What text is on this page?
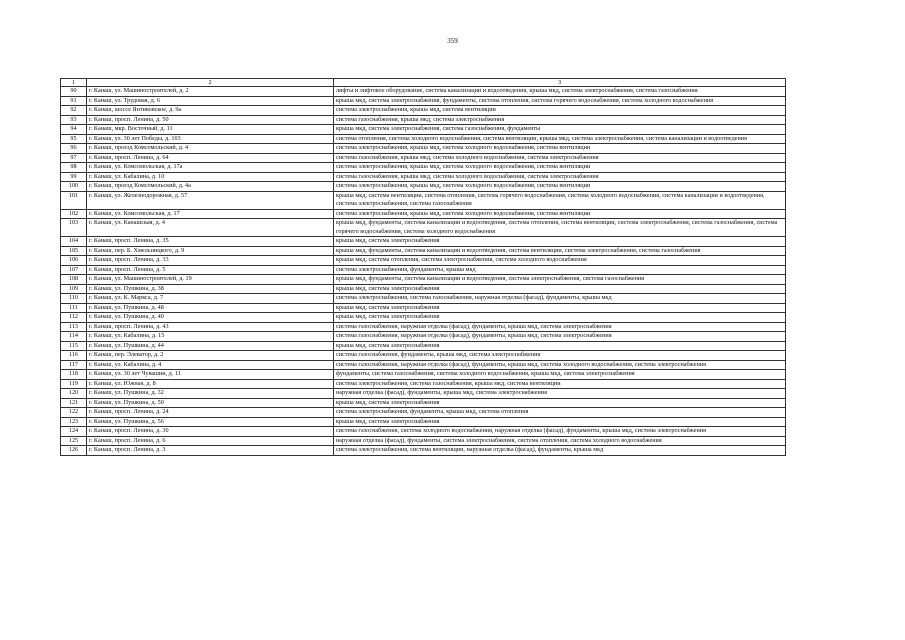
359
1	2	3
90	г. Канаш, ул. Машиностроителей, д. 2	лифты и лифтовое оборудование, система канализации и водоотведения, крыша мкд, система электроснабжения, система газоснабжения
91	г. Канаш, ул. Трудовая, д. 6	крыша мкд, система электроснабжения, фундаменты, система отопления, система горячего водоснабжения, система холодного водоснабжения
92	г. Канаш, шоссе Янтиковское, д. 9а	система электроснабжения, крыша мкд, система вентиляции
93	г. Канаш, просп. Ленина, д. 50	система газоснабжения, крыша мкд, система электроснабжения
94	г. Канаш, мкр. Восточный, д. 11	крыша мкд, система электроснабжения, система газоснабжения, фундаменты
95	г. Канаш, ул. 30 лет Победы, д. 103	система отопления, система холодного водоснабжения, система вентиляции, крыша мкд, система электроснабжения, система канализации и водоотведения
96	г. Канаш, проезд Комсомольский, д. 4	система электроснабжения, крыша мкд, система холодного водоснабжения, система вентиляции
97	г. Канаш, просп. Ленина, д. 64	система газоснабжения, крыша мкд, система холодного водоснабжения, система электроснабжения
98	г. Канаш, ул. Комсомольская, д. 17а	система электроснабжения, крыша мкд, система холодного водоснабжения, система вентиляции
99	г. Канаш, ул. Кабалина, д. 10	система газоснабжения, крыша мкд, система холодного водоснабжения, система электроснабжения
100	г. Канаш, проезд Комсомольский, д. 4а	система электроснабжения, крыша мкд, система холодного водоснабжения, система вентиляции
101	г. Канаш, ул. Железнодорожная, д. 57	крыша мкд, система вентиляции, система отопления, система горячего водоснабжения, система холодного водоснабжения, система канализации и водоотведения, система электроснабжения, система газоснабжения
102	г. Канаш, ул. Комсомольская, д. 17	система электроснабжения, крыша мкд, система холодного водоснабжения, система вентиляции
103	г. Канаш, ул. Канашская, д. 4	крыша мкд, фундаменты, система канализации и водоотведения, система отопления, система вентиляции, система электроснабжения, система газоснабжения, система горячего водоснабжения, система холодного водоснабжения
104	г. Канаш, просп. Ленина, д. 35	крыша мкд, система электроснабжения
105	г. Канаш, пер. Б. Хмельницкого, д. 9	крыша мкд, фундаменты, система канализации и водоотведения, система вентиляции, система электроснабжения, система газоснабжения
106	г. Канаш, просп. Ленина, д. 33	крыша мкд, система отопления, система электроснабжения, система холодного водоснабжения
107	г. Канаш, просп. Ленина, д. 5	система электроснабжения, фундаменты, крыша мкд
108	г. Канаш, ул. Машиностроителей, д. 19	крыша мкд, фундаменты, система канализации и водоотведения, система электроснабжения, система газоснабжения
109	г. Канаш, ул. Пушкина, д. 38	крыша мкд, система электроснабжения
110	г. Канаш, ул. К. Маркса, д. 7	система электроснабжения, система газоснабжения, наружная отделка (фасад), фундаменты, крыша мкд
111	г. Канаш, ул. Пушкина, д. 48	крыша мкд, система электроснабжения
112	г. Канаш, ул. Пушкина, д. 40	крыша мкд, система электроснабжения
113	г. Канаш, просп. Ленина, д. 43	система газоснабжения, наружная отделка (фасад), фундаменты, крыша мкд, система электроснабжения
114	г. Канаш, ул. Кабалина, д. 15	система газоснабжения, наружная отделка (фасад), фундаменты, крыша мкд, система электроснабжения
115	г. Канаш, ул. Пушкина, д. 44	крыша мкд, система электроснабжения
116	г. Канаш, пер. Элеватор, д. 2	система газоснабжения, фундаменты, крыша мкд, система электроснабжения
117	г. Канаш, ул. Кабалина, д. 4	система газоснабжения, наружная отделка (фасад), фундаменты, крыша мкд, система холодного водоснабжения, система электроснабжения
118	г. Канаш, ул. 30 лет Чувашии, д. 11	фундаменты, система газоснабжения, система холодного водоснабжения, крыша мкд, система электроснабжения
119	г. Канаш, ул. Южная, д. 8	система электроснабжения, система газоснабжения, крыша мкд, система вентиляции
120	г. Канаш, ул. Пушкина, д. 32	наружная отделка (фасад), фундаменты, крыша мкд, система электроснабжения
121	г. Канаш, ул. Пушкина, д. 50	крыша мкд, система электроснабжения
122	г. Канаш, просп. Ленина, д. 24	система электроснабжения, фундаменты, крыша мкд, система отопления
123	г. Канаш, ул. Пушкина, д. 56	крыша мкд, система электроснабжения
124	г. Канаш, просп. Ленина, д. 30	система газоснабжения, система холодного водоснабжения, наружная отделка (фасад), фундаменты, крыша мкд, система электроснабжения
125	г. Канаш, просп. Ленина, д. 6	наружная отделка (фасад), фундаменты, система электроснабжения, система отопления, система холодного водоснабжения
126	г. Канаш, просп. Ленина, д. 3	система электроснабжения, система вентиляции, наружная отделка (фасад), фундаменты, крыша мкд
